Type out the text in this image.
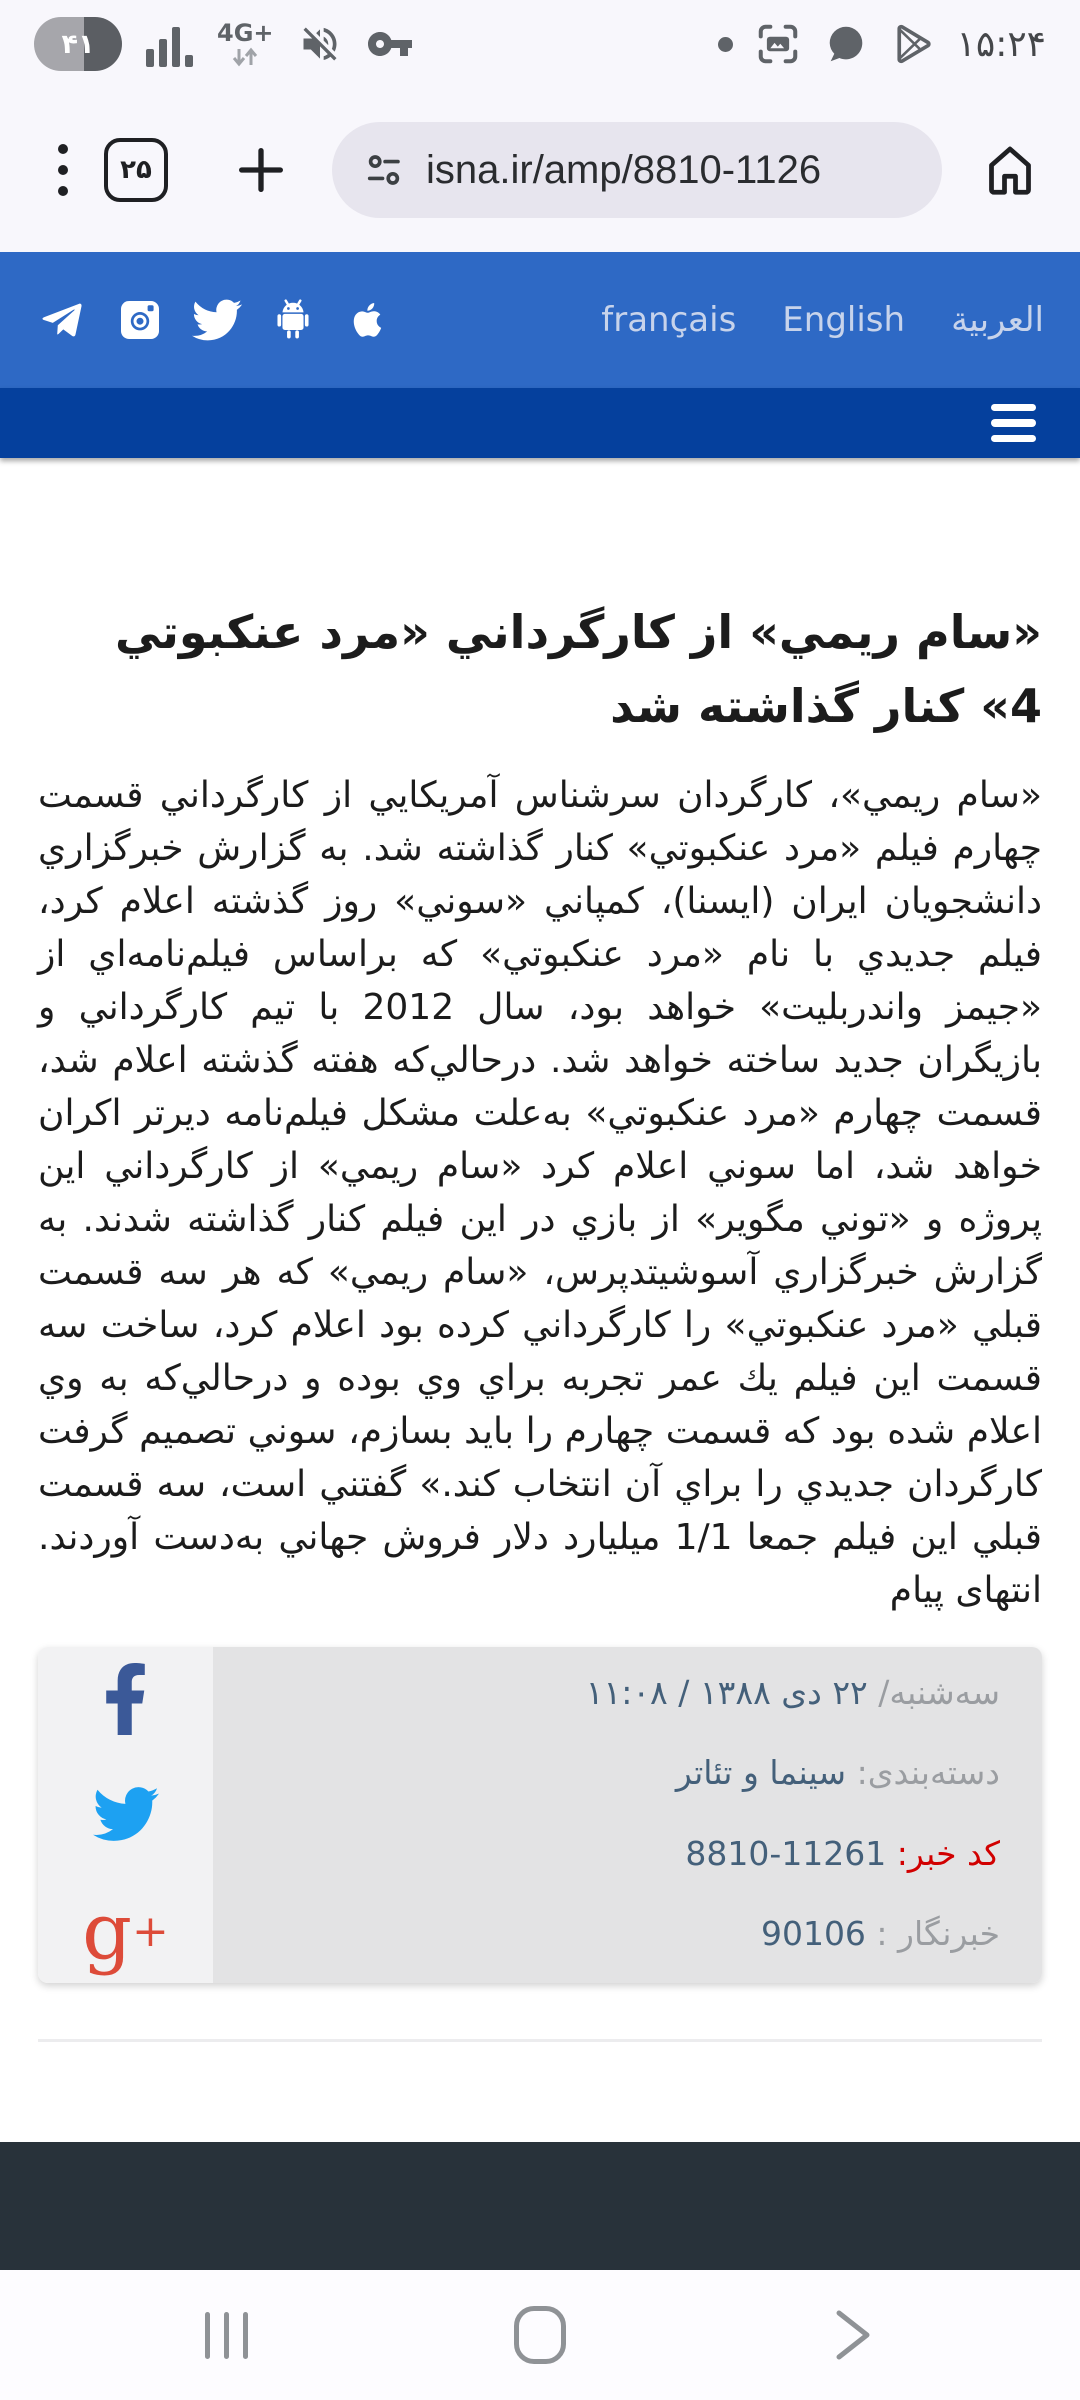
۴۱	4G+	۱۵:۲۴
۲۵	isna.ir/amp/8810-1126
français English العربية
«سام ريمي» از كارگرداني «مرد عنكبوتي 4» كنار گذاشته شد

«سام ريمي»، كارگردان سرشناس آمريكايي از كارگرداني قسمت چهارم فيلم «مرد عنكبوتي» كنار گذاشته شد. به گزارش خبرگزاري دانشجويان ايران (ايسنا)، كمپاني «سوني» روز گذشته اعلام كرد، فيلم جديدي با نام «مرد عنكبوتي» كه براساس فيلم‌نامه‌اي از «جيمز واندربليت» خواهد بود، سال 2012 با تيم كارگرداني و بازيگران جديد ساخته خواهد شد. درحالي‌كه هفته گذشته اعلام شد، قسمت چهارم «مرد عنكبوتي» به‌علت مشكل فيلم‌نامه ديرتر اكران خواهد شد، اما سوني اعلام كرد «سام ريمي» از كارگرداني اين پروژه و «توني مگوير» از بازي در اين فيلم كنار گذاشته شدند. به گزارش خبرگزاري آسوشيتدپرس، «سام ريمي» كه هر سه قسمت قبلي «مرد عنكبوتي» را كارگرداني كرده بود اعلام كرد، ساخت سه قسمت اين فيلم يك عمر تجربه براي وي بوده و درحالي‌كه به وي اعلام شده بود كه قسمت چهارم را بايد بسازم، سوني تصميم گرفت كارگردان جديدي را براي آن انتخاب كند.» گفتني است، سه قسمت قبلي اين فيلم جمعا 1/1 ميليارد دلار فروش جهاني به‌دست آوردند. انتهای پیام

g +
سه‌شنبه/ ۲۲ دی ۱۳۸۸ / ۱۱:۰۸
دسته‌بندی: سینما و تئاتر
کد خبر: 11261-8810
خبرنگار : 90106
